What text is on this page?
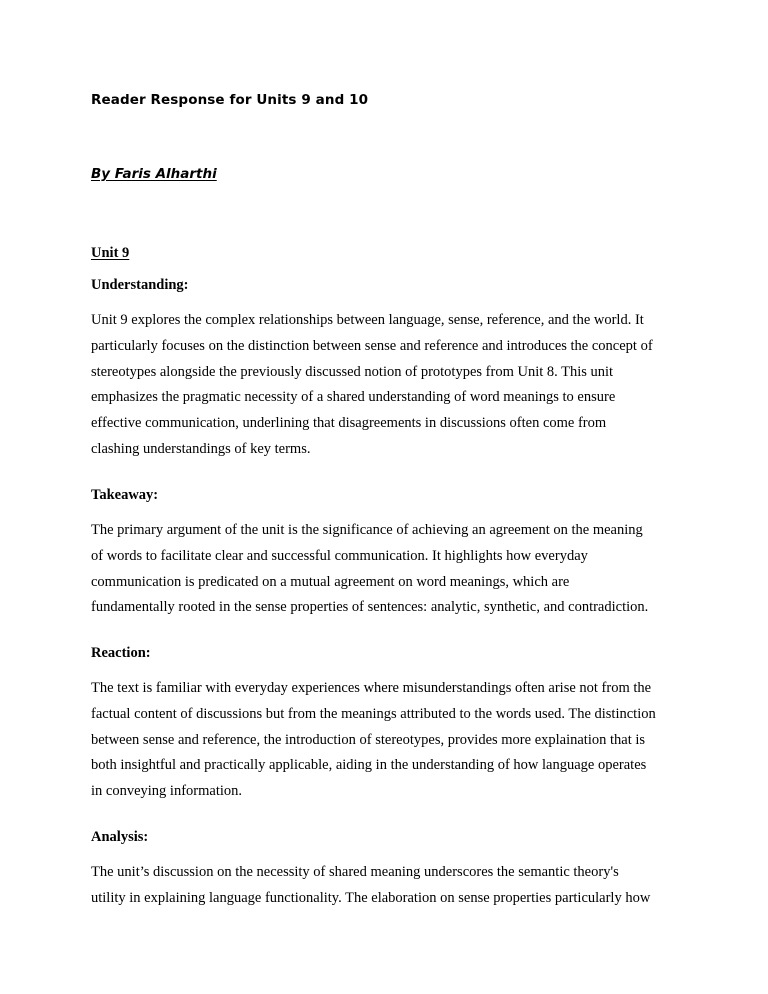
Reader Response for Units 9 and 10

By Faris Alharthi

Unit 9

Understanding:

Unit 9 explores the complex relationships between language, sense, reference, and the world. It
particularly focuses on the distinction between sense and reference and introduces the concept of
stereotypes alongside the previously discussed notion of prototypes from Unit 8. This unit
emphasizes the pragmatic necessity of a shared understanding of word meanings to ensure
effective communication, underlining that disagreements in discussions often come from
clashing understandings of key terms.

Takeaway:

The primary argument of the unit is the significance of achieving an agreement on the meaning
of words to facilitate clear and successful communication. It highlights how everyday
communication is predicated on a mutual agreement on word meanings, which are
fundamentally rooted in the sense properties of sentences: analytic, synthetic, and contradiction.

Reaction:

The text is familiar with everyday experiences where misunderstandings often arise not from the
factual content of discussions but from the meanings attributed to the words used. The distinction
between sense and reference, the introduction of stereotypes, provides more explaination that is
both insightful and practically applicable, aiding in the understanding of how language operates
in conveying information.

Analysis:

The unit’s discussion on the necessity of shared meaning underscores the semantic theory's
utility in explaining language functionality. The elaboration on sense properties particularly how
